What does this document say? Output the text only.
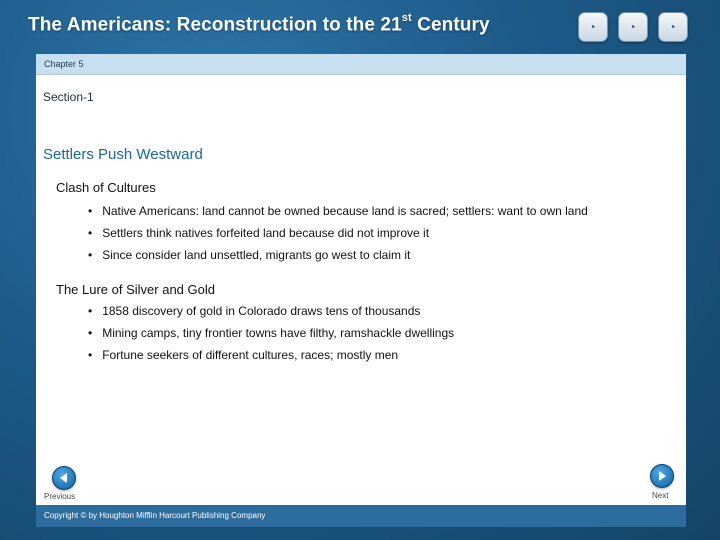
The Americans: Reconstruction to the 21st Century	■	■	■
Chapter 5
Section-1
Settlers Push Westward
Clash of Cultures
• Native Americans: land cannot be owned because land is sacred; settlers: want to own land
• Settlers think natives forfeited land because did not improve it
• Since consider land unsettled, migrants go west to claim it
The Lure of Silver and Gold
• 1858 discovery of gold in Colorado draws tens of thousands
• Mining camps, tiny frontier towns have filthy, ramshackle dwellings
• Fortune seekers of different cultures, races; mostly men
Previous	Next
Copyright © by Houghton Mifflin Harcourt Publishing Company
